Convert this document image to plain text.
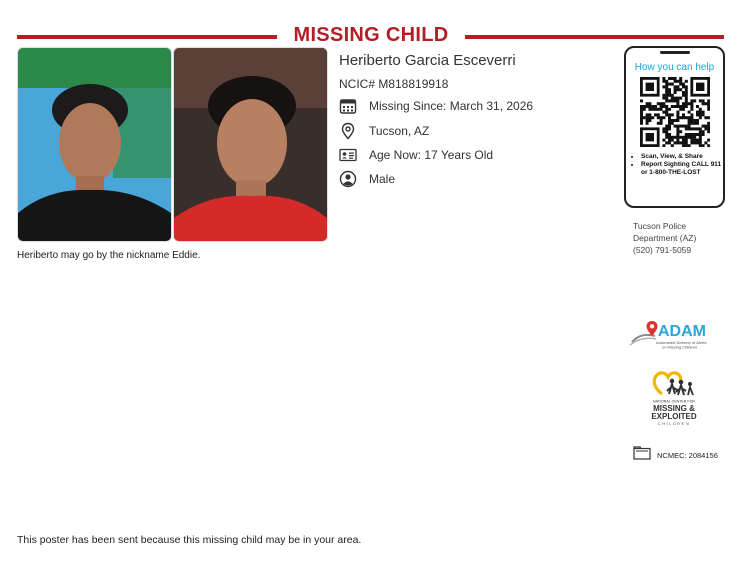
MISSING CHILD
Heriberto may go by the nickname Eddie.
Heriberto Garcia Esceverri
NCIC# M818819918
Missing Since: March 31, 2026
Tucson, AZ
Age Now: 17 Years Old
Male
How you can help
• Scan, View, & Share
• Report Sighting CALL 911 or 1-800-THE-LOST
Tucson Police
Department (AZ)
(520) 791-5059
ADAM
Automated Delivery of Alerts
on Missing Children
NATIONAL CENTER FOR
MISSING &
EXPLOITED
CHILDREN
NCMEC: 2084156
This poster has been sent because this missing child may be in your area.
